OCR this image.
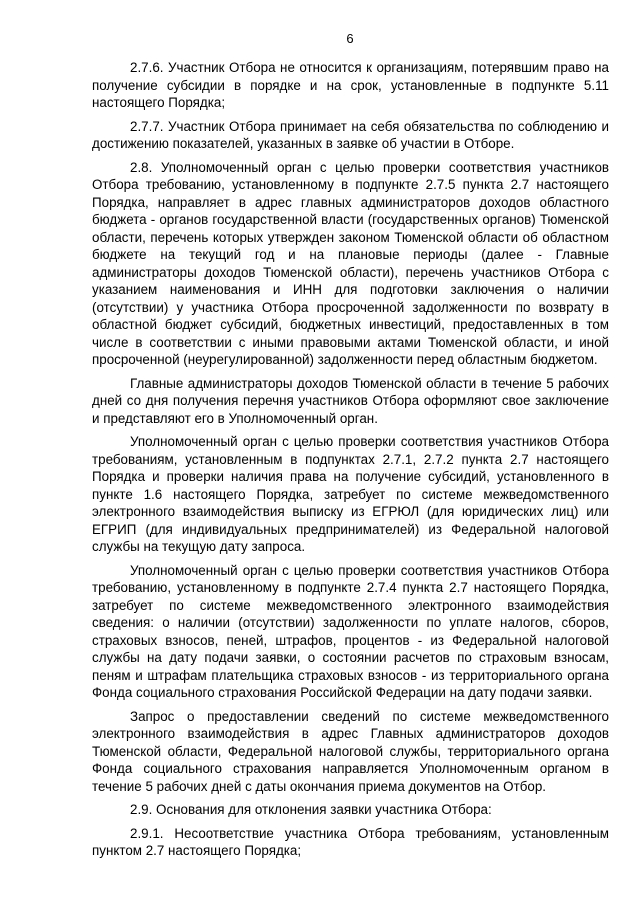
6

2.7.6. Участник Отбора не относится к организациям, потерявшим право на получение субсидии в порядке и на срок, установленные в подпункте 5.11 настоящего Порядка;

2.7.7. Участник Отбора принимает на себя обязательства по соблюдению и достижению показателей, указанных в заявке об участии в Отборе.

2.8. Уполномоченный орган с целью проверки соответствия участников Отбора требованию, установленному в подпункте 2.7.5 пункта 2.7 настоящего Порядка, направляет в адрес главных администраторов доходов областного бюджета - органов государственной власти (государственных органов) Тюменской области, перечень которых утвержден законом Тюменской области об областном бюджете на текущий год и на плановые периоды (далее - Главные администраторы доходов Тюменской области), перечень участников Отбора с указанием наименования и ИНН для подготовки заключения о наличии (отсутствии) у участника Отбора просроченной задолженности по возврату в областной бюджет субсидий, бюджетных инвестиций, предоставленных в том числе в соответствии с иными правовыми актами Тюменской области, и иной просроченной (неурегулированной) задолженности перед областным бюджетом.

Главные администраторы доходов Тюменской области в течение 5 рабочих дней со дня получения перечня участников Отбора оформляют свое заключение и представляют его в Уполномоченный орган.

Уполномоченный орган с целью проверки соответствия участников Отбора требованиям, установленным в подпунктах 2.7.1, 2.7.2 пункта 2.7 настоящего Порядка и проверки наличия права на получение субсидий, установленного в пункте 1.6 настоящего Порядка, затребует по системе межведомственного электронного взаимодействия выписку из ЕГРЮЛ (для юридических лиц) или ЕГРИП (для индивидуальных предпринимателей) из Федеральной налоговой службы на текущую дату запроса.

Уполномоченный орган с целью проверки соответствия участников Отбора требованию, установленному в подпункте 2.7.4 пункта 2.7 настоящего Порядка, затребует по системе межведомственного электронного взаимодействия сведения: о наличии (отсутствии) задолженности по уплате налогов, сборов, страховых взносов, пеней, штрафов, процентов - из Федеральной налоговой службы на дату подачи заявки, о состоянии расчетов по страховым взносам, пеням и штрафам плательщика страховых взносов - из территориального органа Фонда социального страхования Российской Федерации на дату подачи заявки.

Запрос о предоставлении сведений по системе межведомственного электронного взаимодействия в адрес Главных администраторов доходов Тюменской области, Федеральной налоговой службы, территориального органа Фонда социального страхования направляется Уполномоченным органом в течение 5 рабочих дней с даты окончания приема документов на Отбор.

2.9. Основания для отклонения заявки участника Отбора:

2.9.1. Несоответствие участника Отбора требованиям, установленным пунктом 2.7 настоящего Порядка;
